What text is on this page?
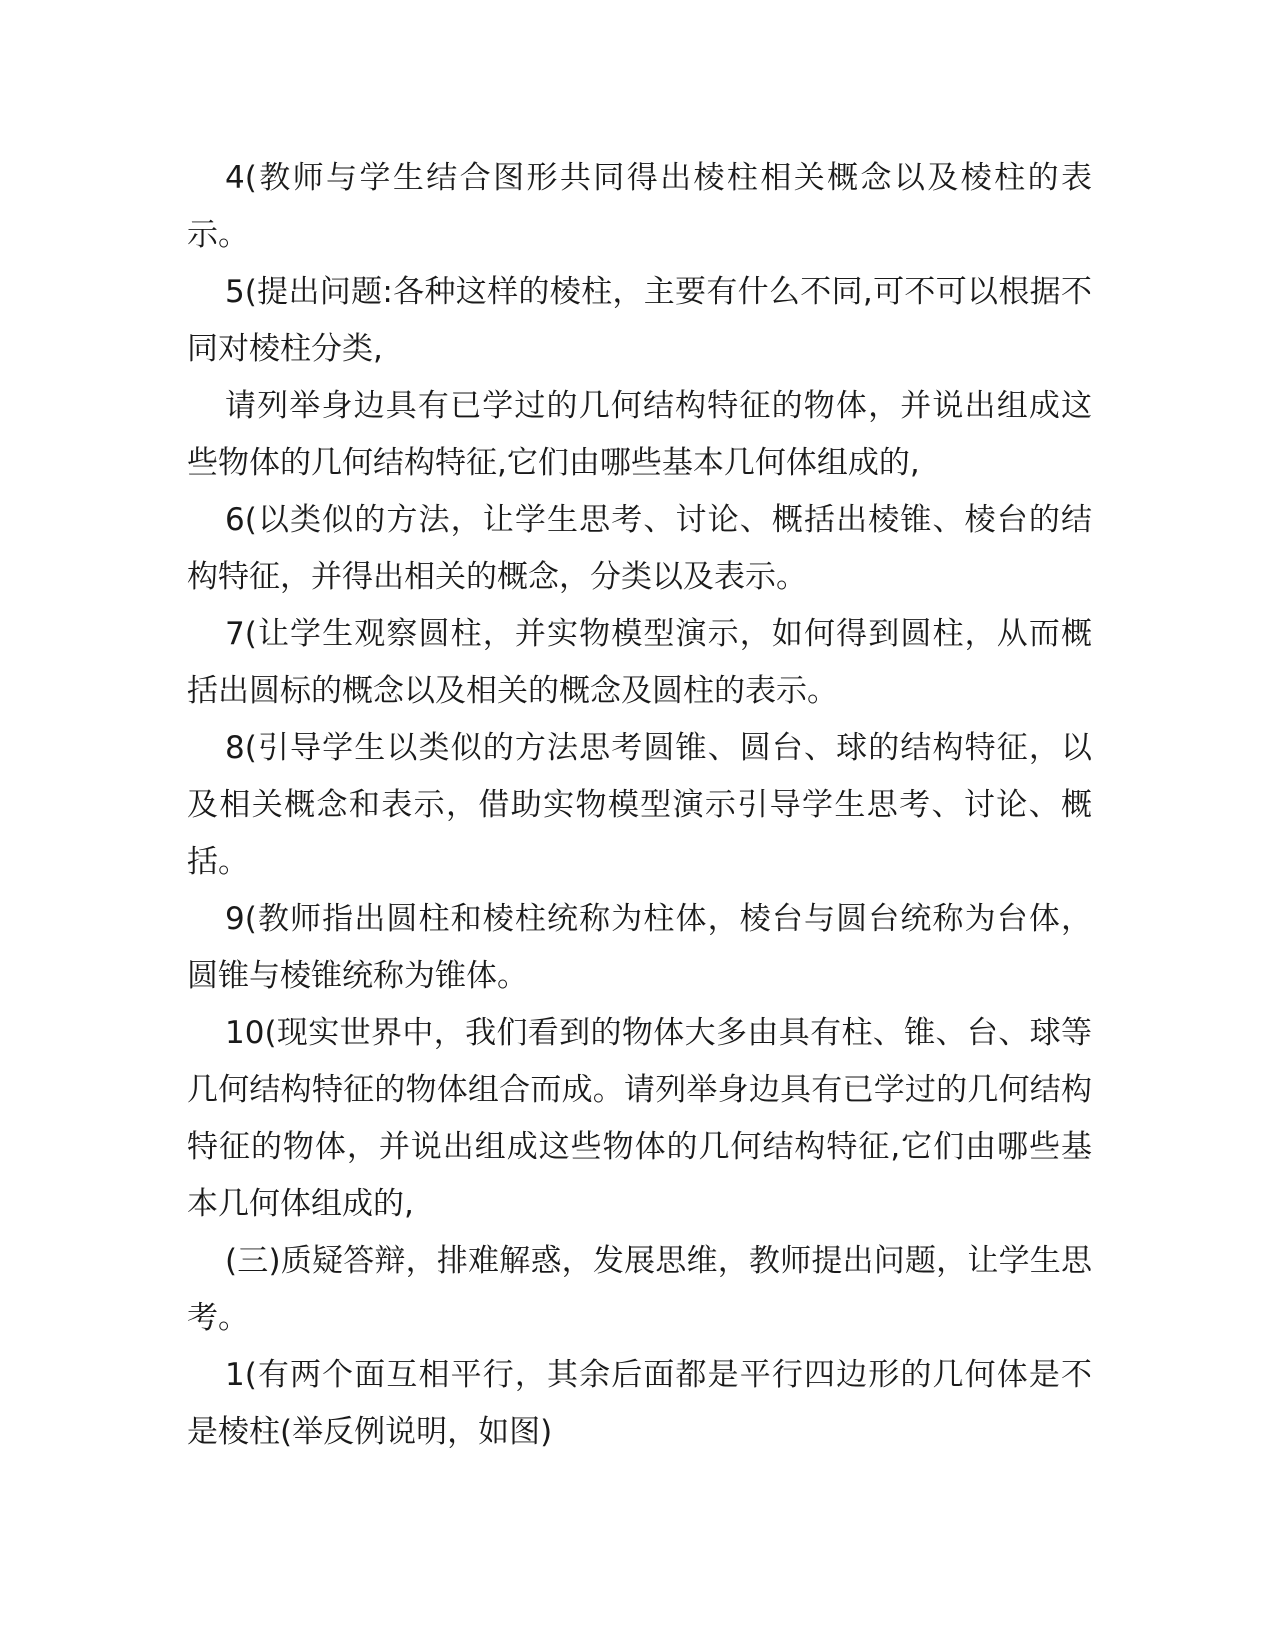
4(教师与学生结合图形共同得出棱柱相关概念以及棱柱的表示。

5(提出问题:各种这样的棱柱，主要有什么不同,可不可以根据不同对棱柱分类,

请列举身边具有已学过的几何结构特征的物体，并说出组成这些物体的几何结构特征,它们由哪些基本几何体组成的,

6(以类似的方法，让学生思考、讨论、概括出棱锥、棱台的结构特征，并得出相关的概念，分类以及表示。

7(让学生观察圆柱，并实物模型演示，如何得到圆柱，从而概括出圆标的概念以及相关的概念及圆柱的表示。

8(引导学生以类似的方法思考圆锥、圆台、球的结构特征，以及相关概念和表示，借助实物模型演示引导学生思考、讨论、概括。

9(教师指出圆柱和棱柱统称为柱体，棱台与圆台统称为台体，圆锥与棱锥统称为锥体。

10(现实世界中，我们看到的物体大多由具有柱、锥、台、球等几何结构特征的物体组合而成。请列举身边具有已学过的几何结构特征的物体，并说出组成这些物体的几何结构特征,它们由哪些基本几何体组成的,

(三)质疑答辩，排难解惑，发展思维，教师提出问题，让学生思考。

1(有两个面互相平行，其余后面都是平行四边形的几何体是不是棱柱(举反例说明，如图)
